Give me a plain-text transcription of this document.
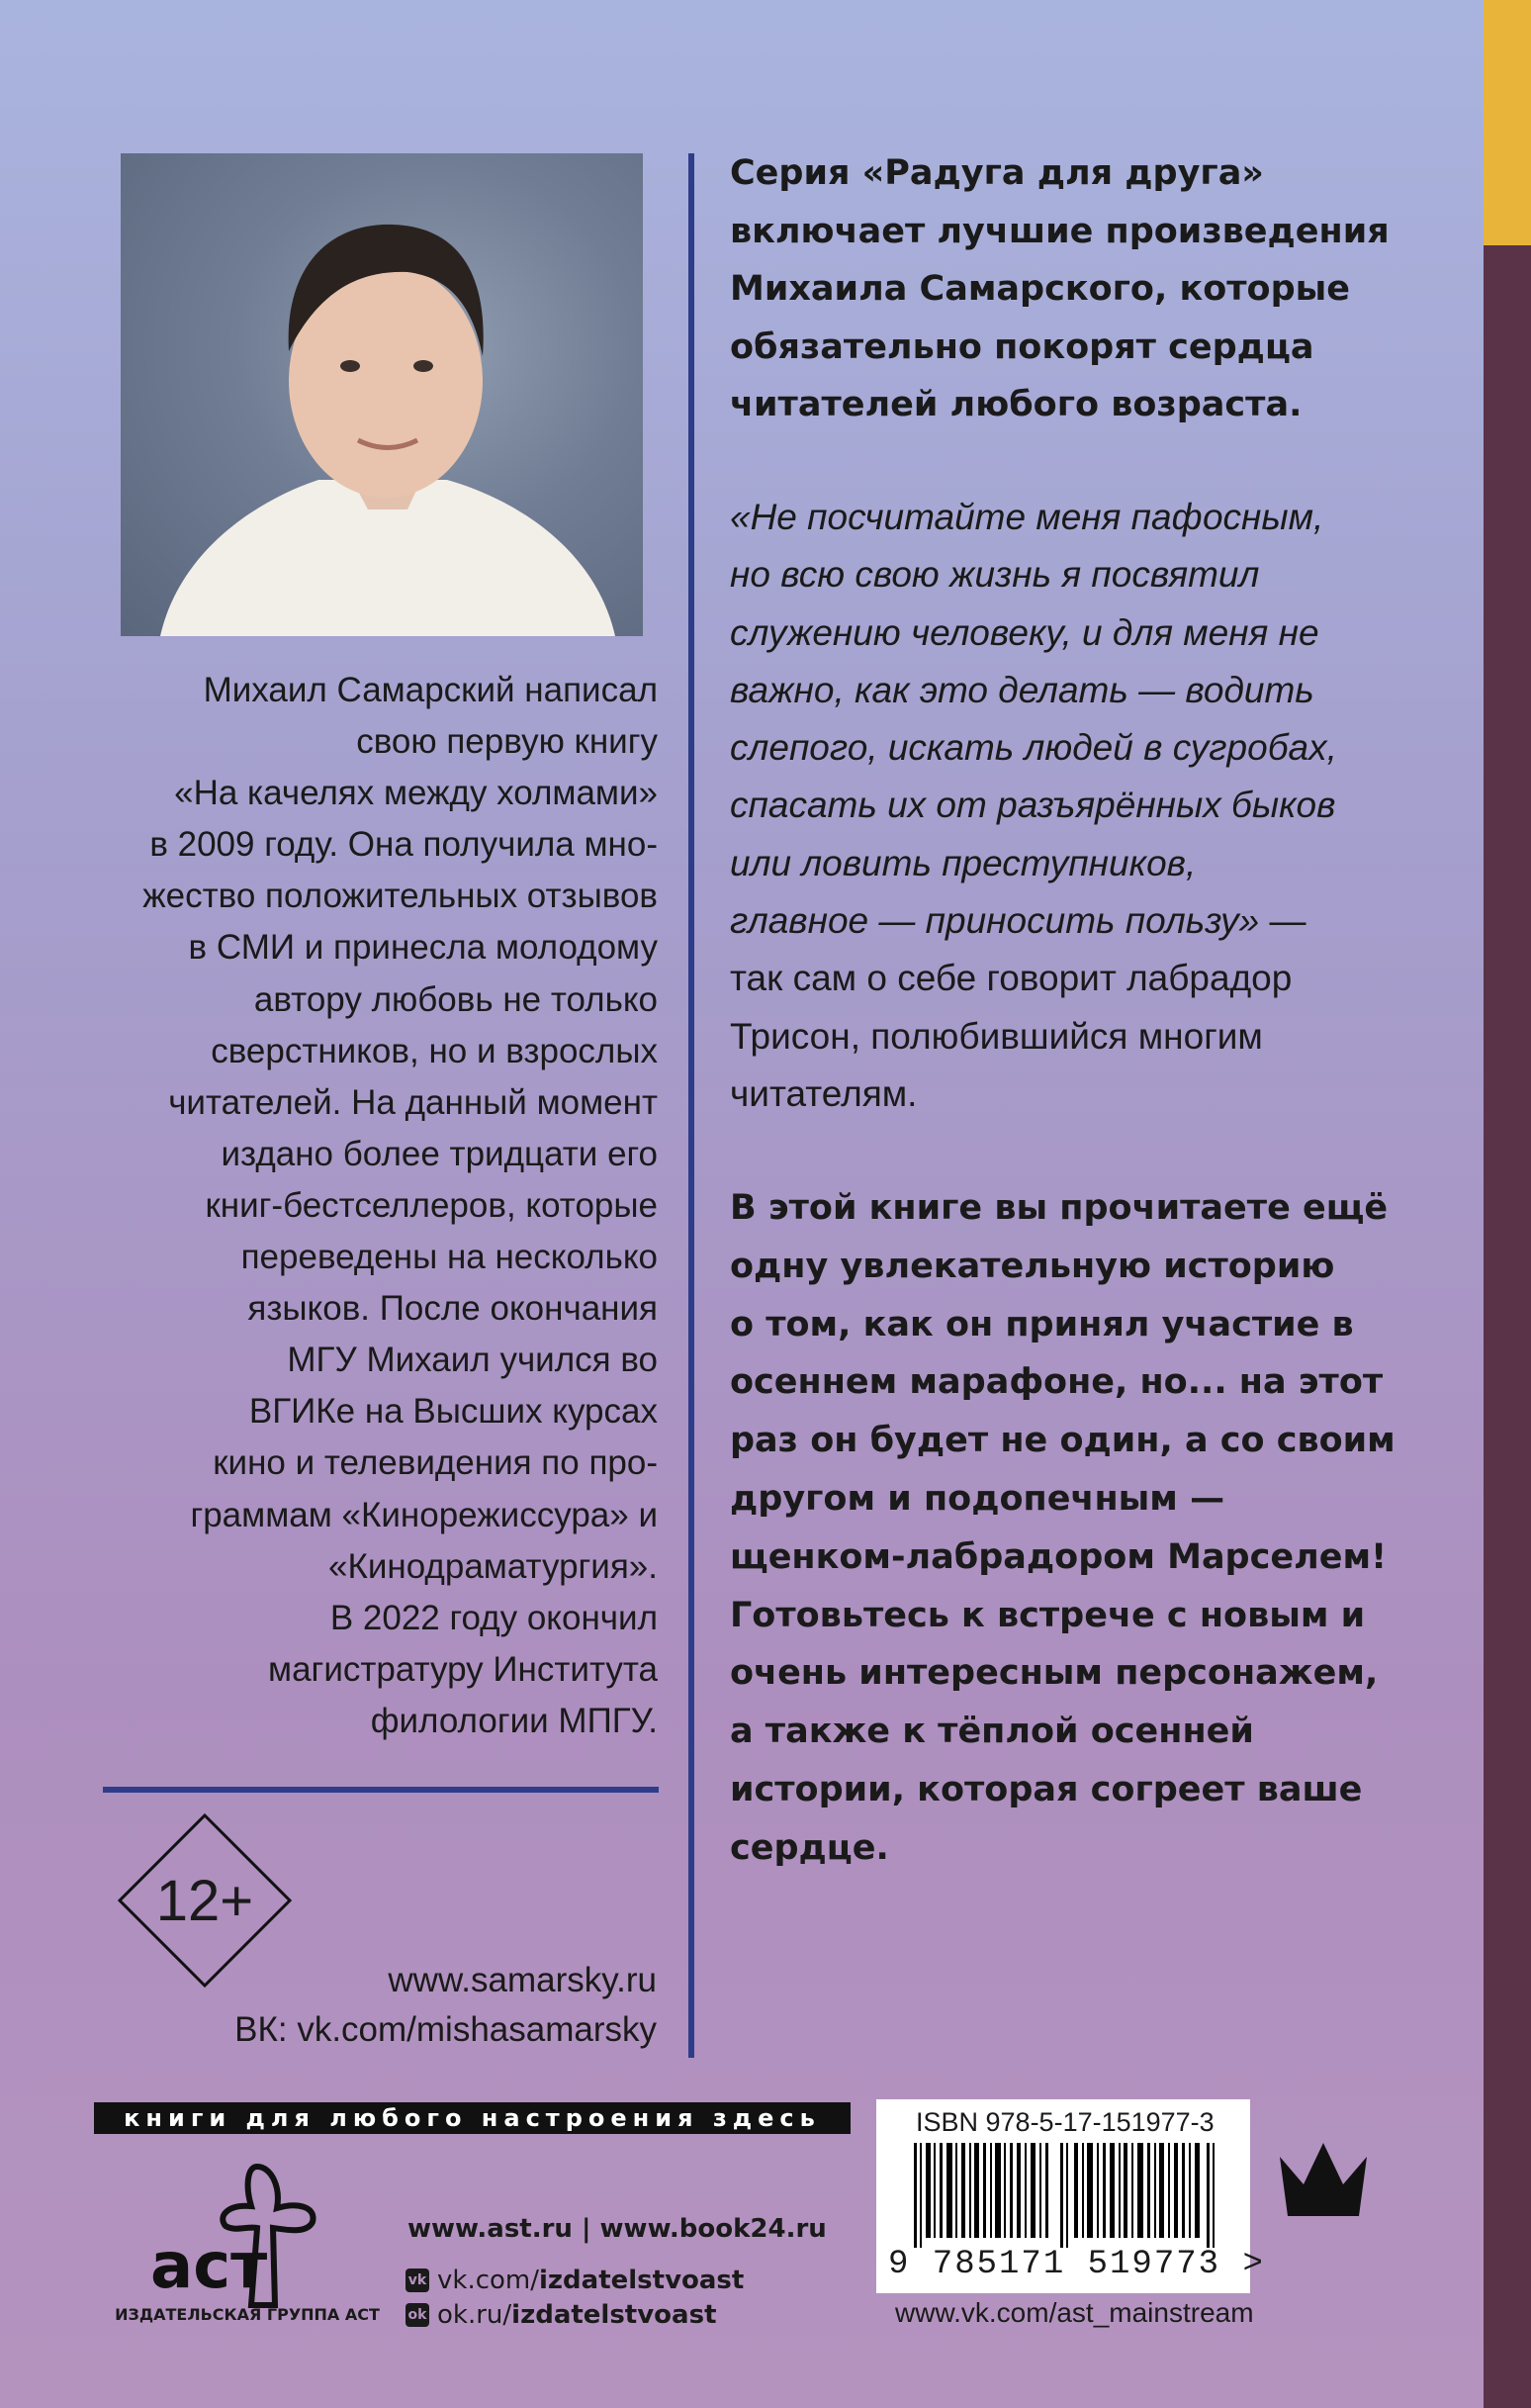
Михаил Самарский написал
свою первую книгу
«На качелях между холмами»
в 2009 году. Она получила мно-
жество положительных отзывов
в СМИ и принесла молодому
автору любовь не только
сверстников, но и взрослых
читателей. На данный момент
издано более тридцати его
книг-бестселлеров, которые
переведены на несколько
языков. После окончания
МГУ Михаил учился во
ВГИКе на Высших курсах
кино и телевидения по про-
граммам «Кинорежиссура» и
«Кинодраматургия».
В 2022 году окончил
магистратуру Института
филологии МПГУ.

12+
www.samarsky.ru
ВК: vk.com/mishasamarsky
Серия «Радуга для друга»
включает лучшие произведения
Михаила Самарского, которые
обязательно покорят сердца
читателей любого возраста.
«Не посчитайте меня пафосным,
но всю свою жизнь я посвятил
служению человеку, и для меня не
важно, как это делать — водить
слепого, искать людей в сугробах,
спасать их от разъярённых быков
или ловить преступников,
главное — приносить пользу» —
так сам о себе говорит лабрадор
Трисон, полюбившийся многим
читателям.
В этой книге вы прочитаете ещё
одну увлекательную историю
о том, как он принял участие в
осеннем марафоне, но... на этот
раз он будет не один, а со своим
другом и подопечным —
щенком-лабрадором Марселем!
Готовьтесь к встрече с новым и
очень интересным персонажем,
а также к тёплой осенней
истории, которая согреет ваше
сердце.
книги для любого настроения здесь
аст
ИЗДАТЕЛЬСКАЯ ГРУППА АСТ
www.ast.ru | www.book24.ru
vk vk.com/ izdatelstvoast
ok ok.ru/ izdatelstvoast
ISBN 978-5-17-151977-3
9 785171 519773 >
www.vk.com/ast_mainstream
